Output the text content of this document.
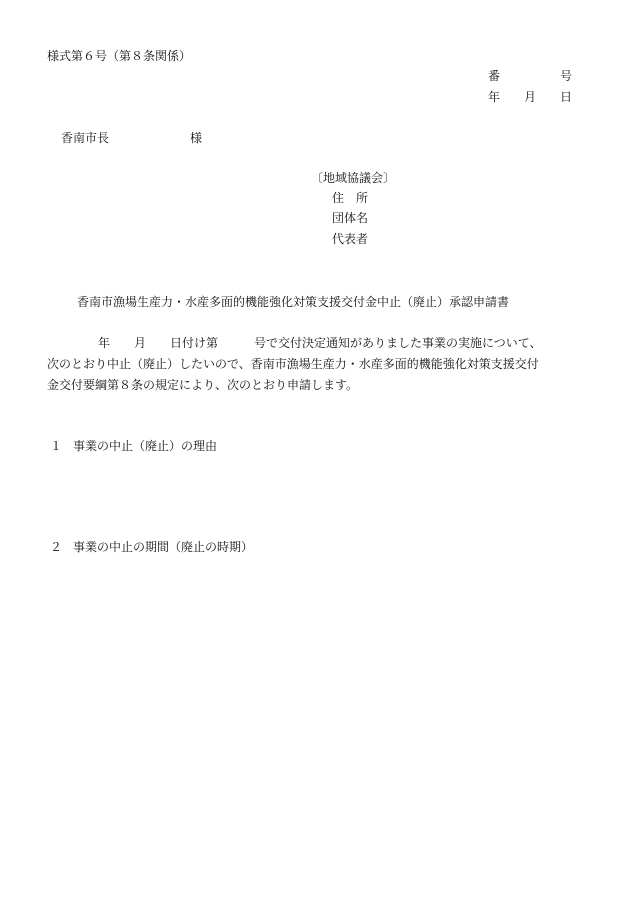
様式第６号（第８条関係）
番　　　　　号
年　　月　　日
香南市長	様
〔地域協議会〕
住　所
団体名
代表者
香南市漁場生産力・水産多面的機能強化対策支援交付金中止（廃止）承認申請書
　年　　月　　日付け第　　　号で交付決定通知がありました事業の実施について、
次のとおり中止（廃止）したいので、香南市漁場生産力・水産多面的機能強化対策支援交付
金交付要綱第８条の規定により、次のとおり申請します。
１ 事業の中止（廃止）の理由
２ 事業の中止の期間（廃止の時期）
